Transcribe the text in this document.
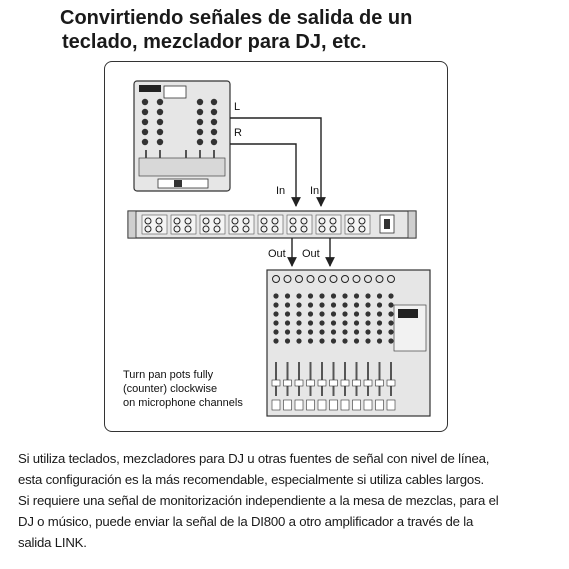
Convirtiendo señales de salida de un
teclado, mezclador para DJ, etc.
L
R
In In
Out Out
Turn pan pots fully
(counter) clockwise
on microphone channels
Si utiliza teclados, mezcladores para DJ u otras fuentes de señal con nivel de línea,
esta configuración es la más recomendable, especialmente si utiliza cables largos.
Si requiere una señal de monitorización independiente a la mesa de mezclas, para el
DJ o músico, puede enviar la señal de la DI800 a otro amplificador a través de la
salida LINK.
